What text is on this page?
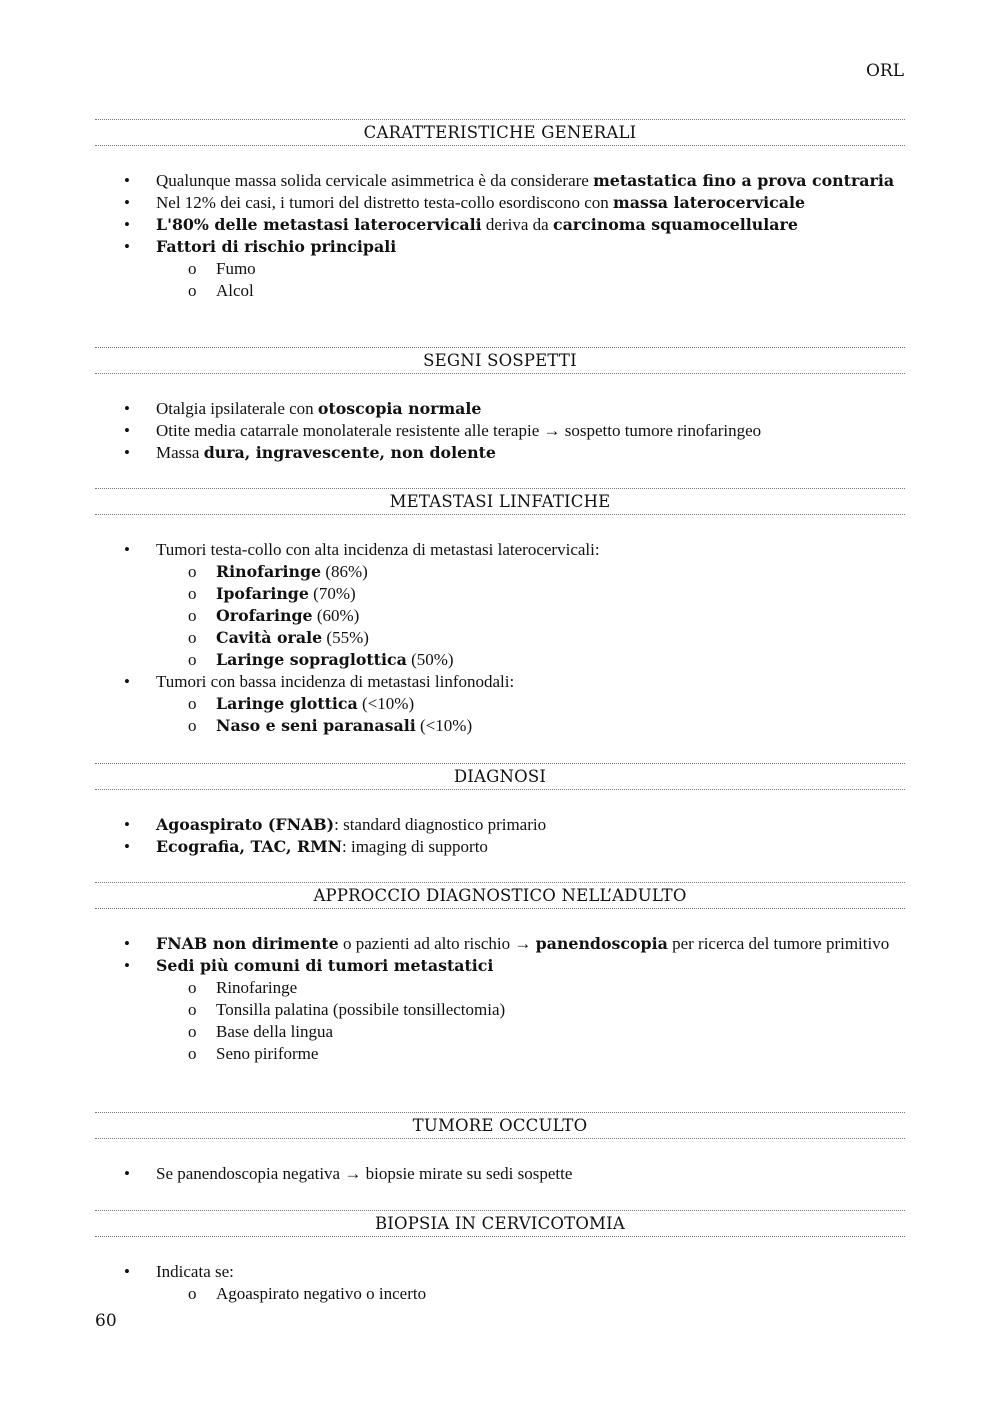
ORL
CARATTERISTICHE GENERALI
• Qualunque massa solida cervicale asimmetrica è da considerare metastatica fino a prova contraria
• Nel 12% dei casi, i tumori del distretto testa-collo esordiscono con massa laterocervicale
• L'80% delle metastasi laterocervicali deriva da carcinoma squamocellulare
• Fattori di rischio principali
o Fumo
o Alcol
SEGNI SOSPETTI
• Otalgia ipsilaterale con otoscopia normale
• Otite media catarrale monolaterale resistente alle terapie → sospetto tumore rinofaringeo
• Massa dura, ingravescente, non dolente
METASTASI LINFATICHE
• Tumori testa-collo con alta incidenza di metastasi laterocervicali:
o Rinofaringe (86%)
o Ipofaringe (70%)
o Orofaringe (60%)
o Cavità orale (55%)
o Laringe sopraglottica (50%)
• Tumori con bassa incidenza di metastasi linfonodali:
o Laringe glottica (<10%)
o Naso e seni paranasali (<10%)
DIAGNOSI
• Agoaspirato (FNAB): standard diagnostico primario
• Ecografia, TAC, RMN: imaging di supporto
APPROCCIO DIAGNOSTICO NELL’ADULTO
• FNAB non dirimente o pazienti ad alto rischio → panendoscopia per ricerca del tumore primitivo
• Sedi più comuni di tumori metastatici
o Rinofaringe
o Tonsilla palatina (possibile tonsillectomia)
o Base della lingua
o Seno piriforme
TUMORE OCCULTO
• Se panendoscopia negativa → biopsie mirate su sedi sospette
BIOPSIA IN CERVICOTOMIA
• Indicata se:
o Agoaspirato negativo o incerto
60
